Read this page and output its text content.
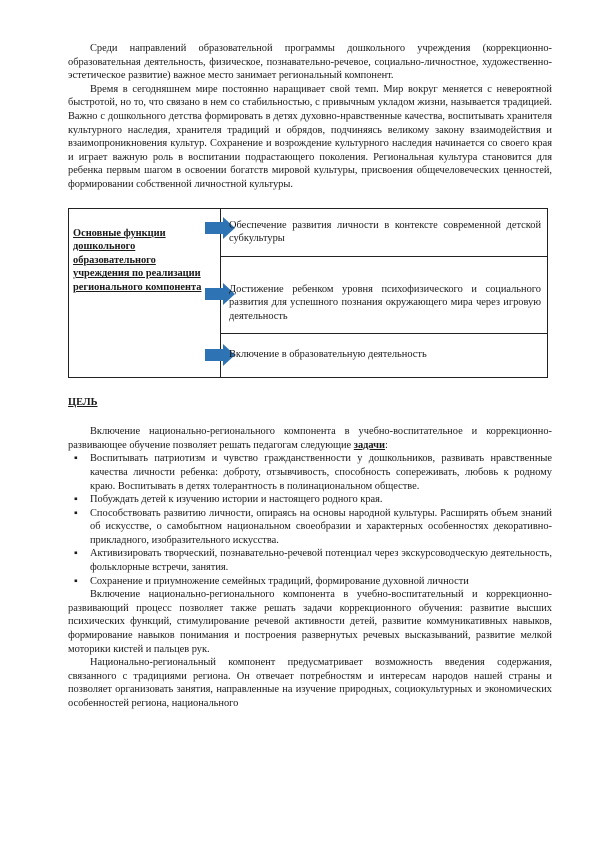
Среди направлений образовательной программы дошкольного учреждения (коррекционно-образовательная деятельность, физическое, познавательно-речевое, социально-личностное, художественно-эстетическое развитие) важное место занимает региональный компонент.

Время в сегодняшнем мире постоянно наращивает свой темп. Мир вокруг меняется с невероятной быстротой, но то, что связано в нем со стабильностью, с привычным укладом жизни, называется традицией. Важно с дошкольного детства формировать в детях духовно-нравственные качества, воспитывать хранителя культурного наследия, хранителя традиций и обрядов, подчиняясь великому закону взаимодействия и взаимопроникновения культур. Сохранение и возрождение культурного наследия начинается со своего края и играет важную роль в воспитании подрастающего поколения. Региональная культура становится для ребенка первым шагом в освоении богатств мировой культуры, присвоения общечеловеческих ценностей, формировании собственной личностной культуры.

Основные функции дошкольного образовательного учреждения по реализации регионального компонента
Обеспечение развития личности в контексте современной детской субкультуры
Достижение ребенком уровня психофизического и социального развития для успешного познания окружающего мира через игровую деятельность
Включение в образовательную деятельность
ЦЕЛЬ

Включение национально-регионального компонента в учебно-воспитательное и коррекционно-развивающее обучение позволяет решать педагогам следующие задачи:

▪ Воспитывать патриотизм и чувство гражданственности у дошкольников, развивать нравственные качества личности ребенка: доброту, отзывчивость, способность сопереживать, любовь к родному краю. Воспитывать в детях толерантность в полинациональном обществе.
▪ Побуждать детей к изучению истории и настоящего родного края.
▪ Способствовать развитию личности, опираясь на основы народной культуры. Расширять объем знаний об искусстве, о самобытном национальном своеобразии и характерных особенностях декоративно-прикладного, изобразительного искусства.
▪ Активизировать творческий, познавательно-речевой потенциал через экскурсоводческую деятельность, фольклорные встречи, занятия.
▪ Сохранение и приумножение семейных традиций, формирование духовной личности

Включение национально-регионального компонента в учебно-воспитательный и коррекционно-развивающий процесс позволяет также решать задачи коррекционного обучения: развитие высших психических функций, стимулирование речевой активности детей, развитие коммуникативных навыков, формирование навыков понимания и построения развернутых речевых высказываний, развитие мелкой моторики кистей и пальцев рук.

Национально-региональный компонент предусматривает возможность введения содержания, связанного с традициями региона. Он отвечает потребностям и интересам народов нашей страны и позволяет организовать занятия, направленные на изучение природных, социокультурных и экономических особенностей региона, национального
